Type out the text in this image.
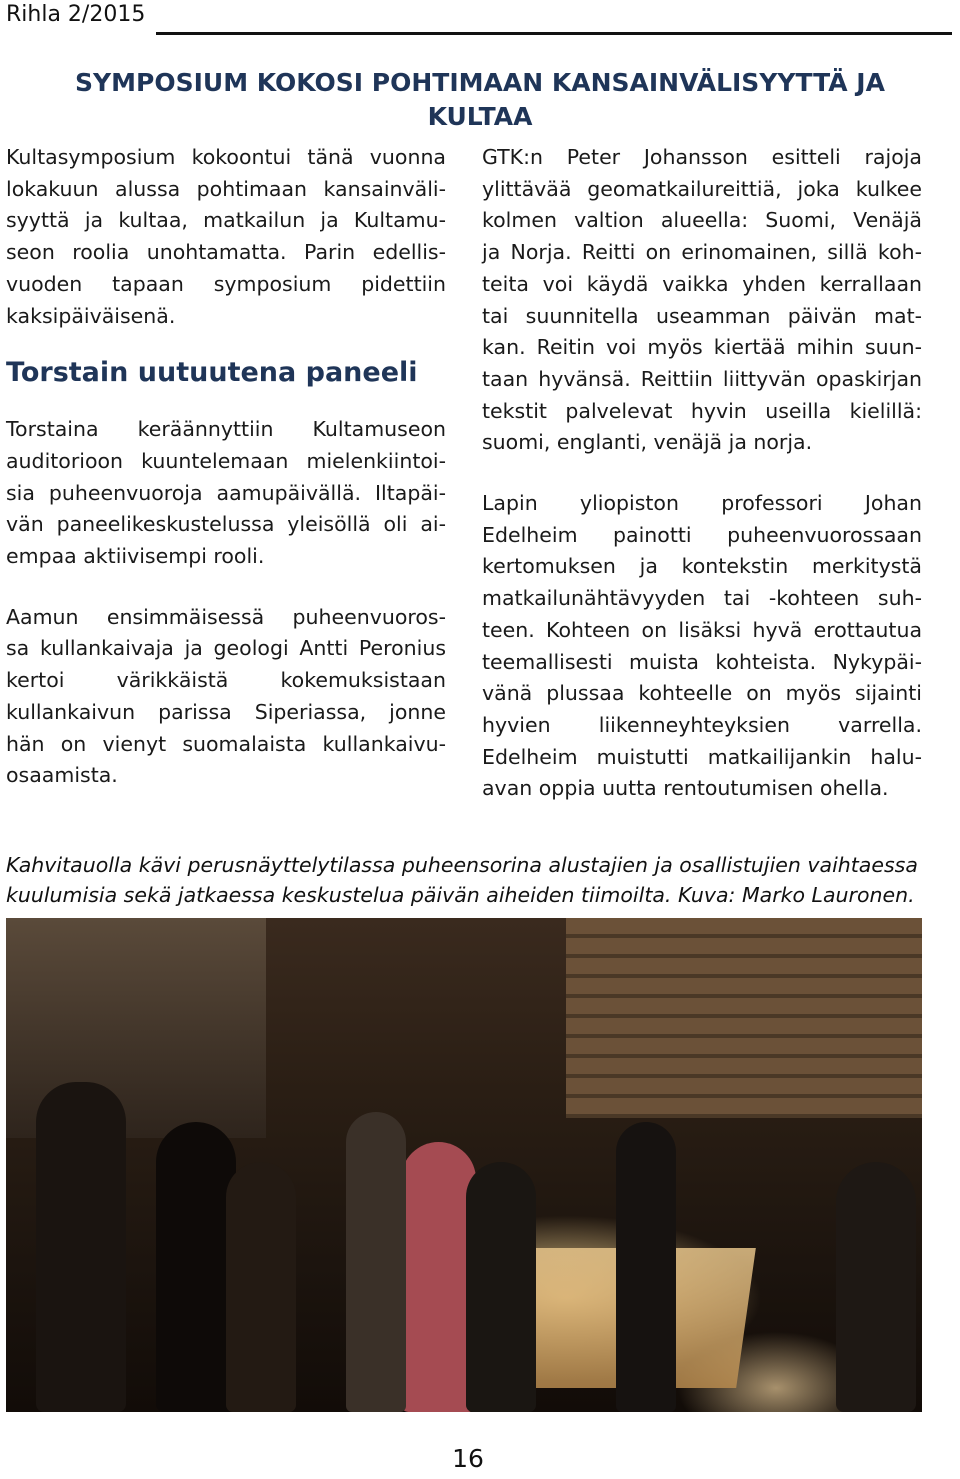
Rihla 2/2015
SYMPOSIUM KOKOSI POHTIMAAN KANSAINVÄLISYYTTÄ JA
KULTAA

Kultasymposium kokoontui tänä vuonna
lokakuun alussa pohtimaan kansainväli-
syyttä ja kultaa, matkailun ja Kultamu-
seon roolia unohtamatta. Parin edellis-
vuoden tapaan symposium pidettiin
kaksipäiväisenä.

Torstain uutuutena paneeli

Torstaina keräännyttiin Kultamuseon
auditorioon kuuntelemaan mielenkiintoi-
sia puheenvuoroja aamupäivällä. Iltapäi-
vän paneelikeskustelussa yleisöllä oli ai-
empaa aktiivisempi rooli.

Aamun ensimmäisessä puheenvuoros-
sa kullankaivaja ja geologi Antti Peronius
kertoi värikkäistä kokemuksistaan
kullankaivun parissa Siperiassa, jonne
hän on vienyt suomalaista kullankaivu-
osaamista.

GTK:n Peter Johansson esitteli rajoja
ylittävää geomatkailureittiä, joka kulkee
kolmen valtion alueella: Suomi, Venäjä
ja Norja. Reitti on erinomainen, sillä koh-
teita voi käydä vaikka yhden kerrallaan
tai suunnitella useamman päivän mat-
kan. Reitin voi myös kiertää mihin suun-
taan hyvänsä. Reittiin liittyvän opaskirjan
tekstit palvelevat hyvin useilla kielillä:
suomi, englanti, venäjä ja norja.

Lapin yliopiston professori Johan
Edelheim painotti puheenvuorossaan
kertomuksen ja kontekstin merkitystä
matkailunähtävyyden tai -kohteen suh-
teen. Kohteen on lisäksi hyvä erottautua
teemallisesti muista kohteista. Nykypäi-
vänä plussaa kohteelle on myös sijainti
hyvien liikenneyhteyksien varrella.
Edelheim muistutti matkailijankin halu-
avan oppia uutta rentoutumisen ohella.

Kahvitauolla kävi perusnäyttelytilassa puheensorina alustajien ja osallistujien vaihtaessa
kuulumisia sekä jatkaessa keskustelua päivän aiheiden tiimoilta. Kuva: Marko Lauronen.
16
